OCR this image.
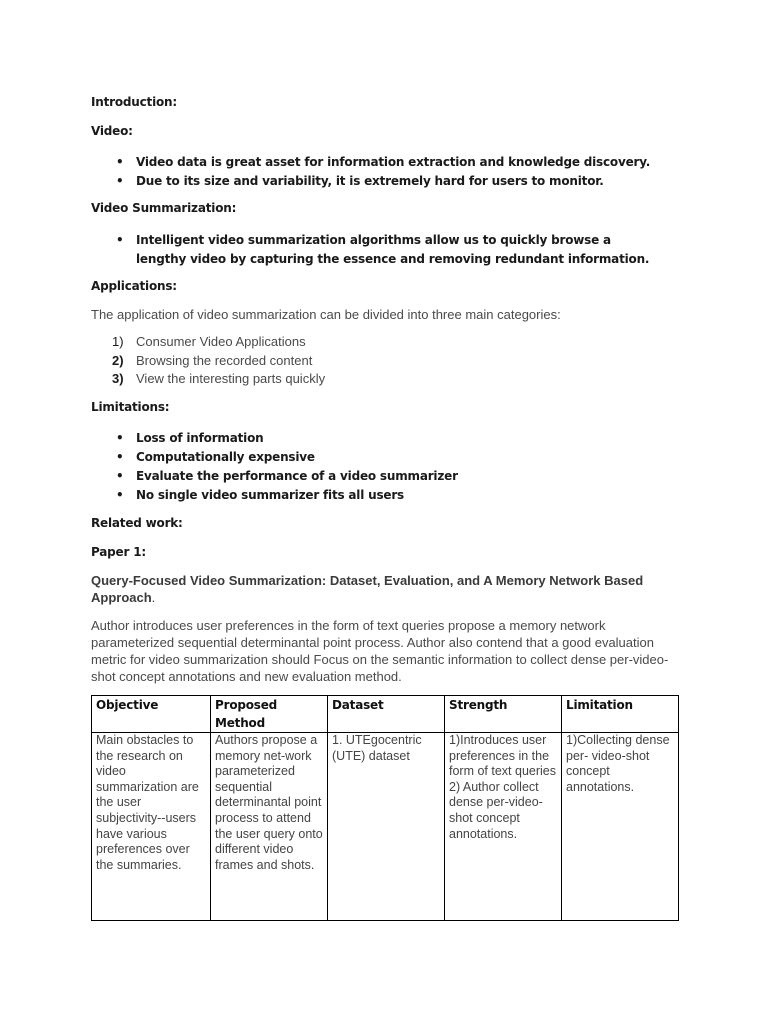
Introduction:

Video:

• Video data is great asset for information extraction and knowledge discovery.
• Due to its size and variability, it is extremely hard for users to monitor.

Video Summarization:

• Intelligent video summarization algorithms allow us to quickly browse a lengthy video by capturing the essence and removing redundant information.

Applications:

The application of video summarization can be divided into three main categories:

1) Consumer Video Applications
2) Browsing the recorded content
3) View the interesting parts quickly

Limitations:

• Loss of information
• Computationally expensive
• Evaluate the performance of a video summarizer
• No single video summarizer fits all users

Related work:

Paper 1:

Query-Focused Video Summarization: Dataset, Evaluation, and A Memory Network Based Approach.

Author introduces user preferences in the form of text queries propose a memory network parameterized sequential determinantal point process. Author also contend that a good evaluation metric for video summarization should Focus on the semantic information to collect dense per-video-shot concept annotations and new evaluation method.

Objective	Proposed Method	Dataset	Strength	Limitation
Main obstacles to the research on video summarization are the user subjectivity--users have various preferences over the summaries.	Authors propose a memory net-work parameterized sequential determinantal point process to attend the user query onto different video frames and shots.	1. UTEgocentric (UTE) dataset	1)Introduces user preferences in the form of text queries 2) Author collect dense per-video- shot concept annotations.	1)Collecting dense per- video-shot concept annotations.
